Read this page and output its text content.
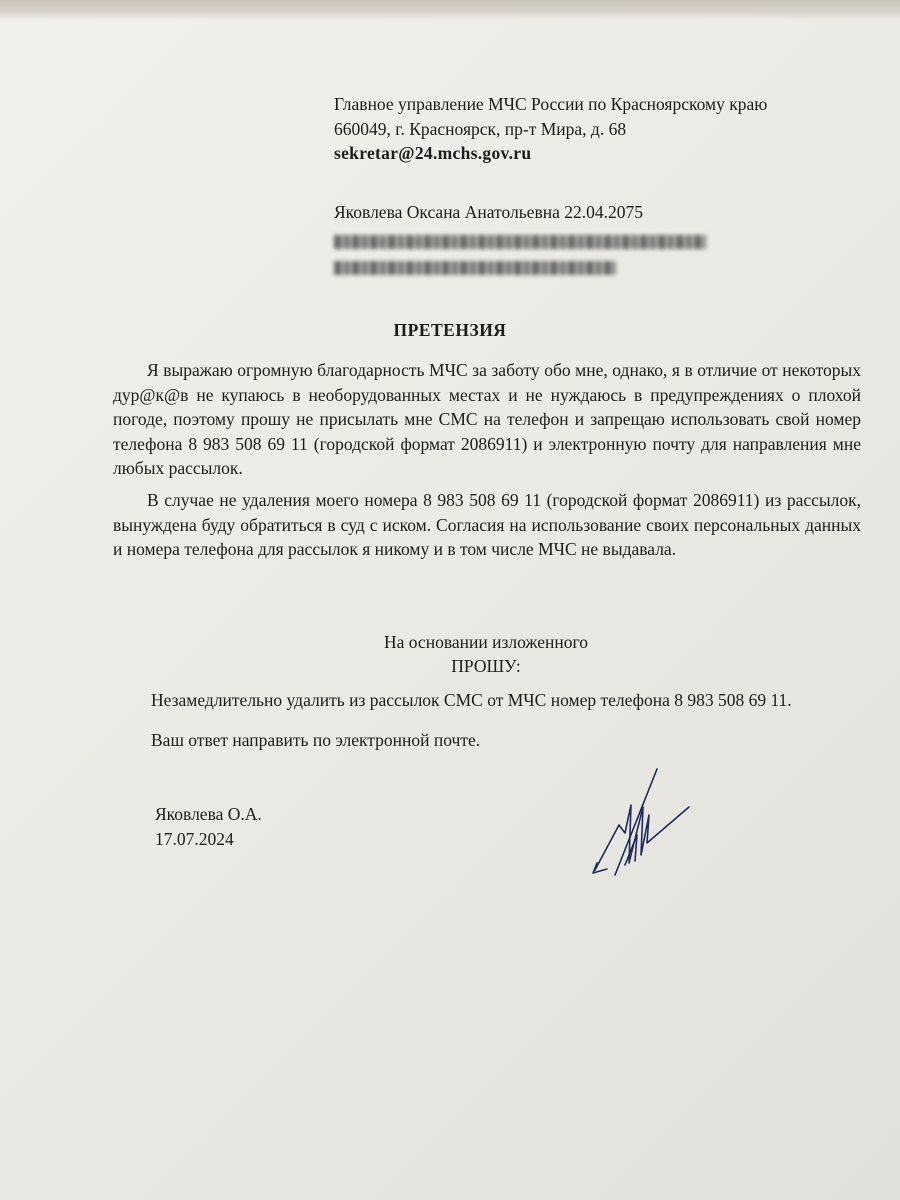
Главное управление МЧС России по Красноярскому краю
660049, г. Красноярск, пр-т Мира, д. 68
sekretar@24.mchs.gov.ru
Яковлева Оксана Анатольевна 22.04.2075
ПРЕТЕНЗИЯ
Я выражаю огромную благодарность МЧС за заботу обо мне, однако, я в отличие от некоторых дур@к@в не купаюсь в необорудованных местах и не нуждаюсь в предупреждениях о плохой погоде, поэтому прошу не присылать мне СМС на телефон и запрещаю использовать свой номер телефона 8 983 508 69 11 (городской формат 2086911) и электронную почту для направления мне любых рассылок.
В случае не удаления моего номера 8 983 508 69 11 (городской формат 2086911) из рассылок, вынуждена буду обратиться в суд с иском. Согласия на использование своих персональных данных и номера телефона для рассылок я никому и в том числе МЧС не выдавала.
На основании изложенного
ПРОШУ:
Незамедлительно удалить из рассылок СМС от МЧС номер телефона 8 983 508 69 11.
Ваш ответ направить по электронной почте.
Яковлева О.А.
17.07.2024
